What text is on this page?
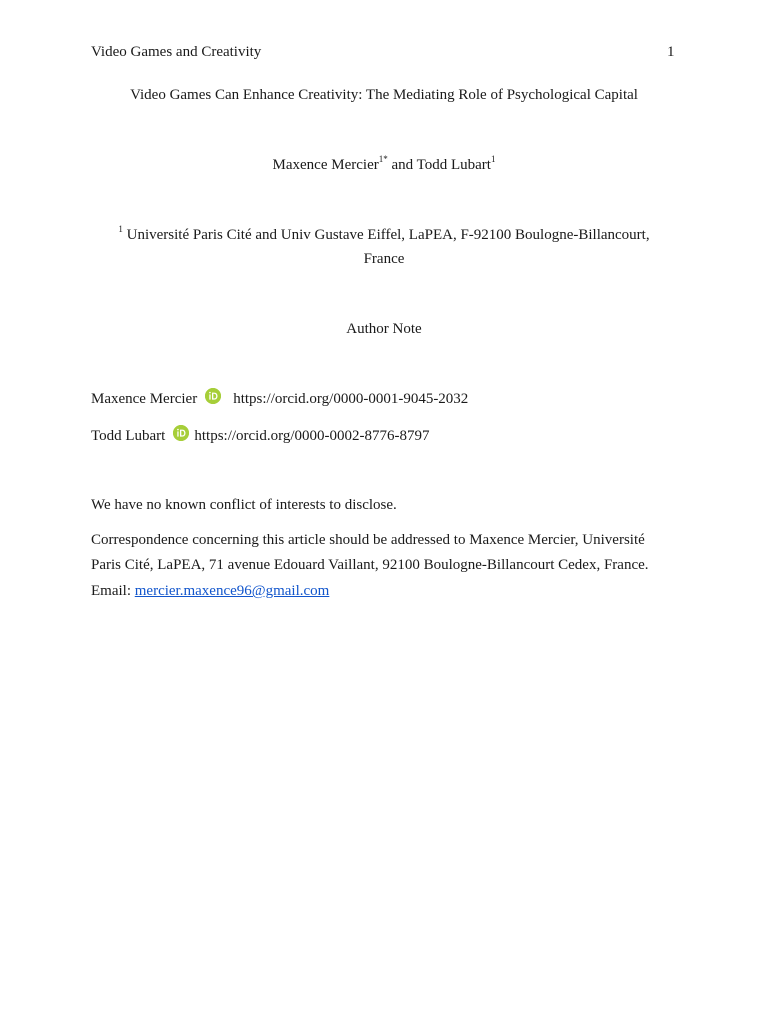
Video Games and Creativity	1
Video Games Can Enhance Creativity: The Mediating Role of Psychological Capital
Maxence Mercier$^{1*}$ and Todd Lubart$^1$
$^1$ Université Paris Cité and Univ Gustave Eiffel, LaPEA, F-92100 Boulogne-Billancourt,
France
Author Note
Maxence Mercier https://orcid.org/0000-0001-9045-2032
Todd Lubart https://orcid.org/0000-0002-8776-8797
We have no known conflict of interests to disclose.
Correspondence concerning this article should be addressed to Maxence Mercier, Université
Paris Cité, LaPEA, 71 avenue Edouard Vaillant, 92100 Boulogne-Billancourt Cedex, France.
Email: mercier.maxence96@gmail.com
